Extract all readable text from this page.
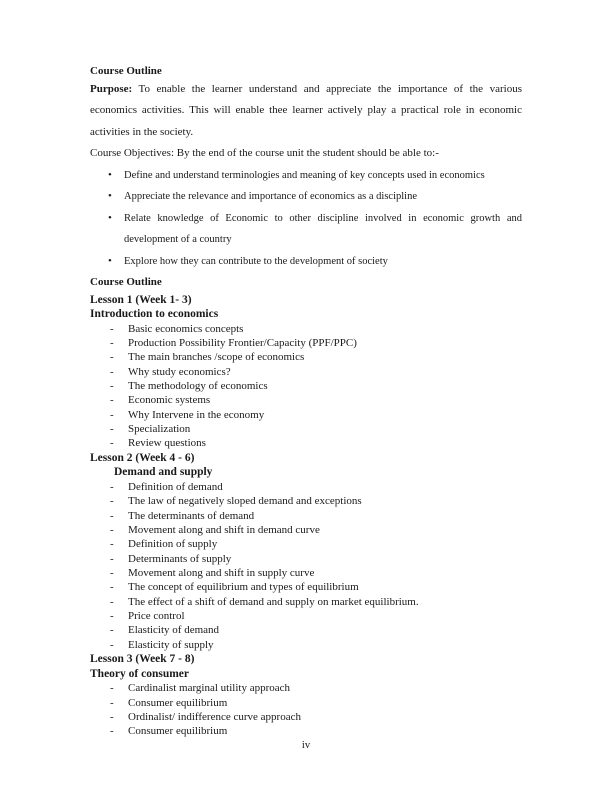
Course Outline

Purpose: To enable the learner understand and appreciate the importance of the various economics activities. This will enable thee learner actively play a practical role in economic activities in the society.

Course Objectives: By the end of the course unit the student should be able to:-

• Define and understand terminologies and meaning of key concepts used in economics
• Appreciate the relevance and importance of economics as a discipline
• Relate knowledge of Economic to other discipline involved in economic growth and development of a country
• Explore how they can contribute to the development of society
Course Outline
Lesson 1 (Week 1- 3)
Introduction to economics
- Basic economics concepts
- Production Possibility Frontier/Capacity (PPF/PPC)
- The main branches /scope of economics
- Why study economics?
- The methodology of economics
- Economic systems
- Why Intervene in the economy
- Specialization
- Review questions
Lesson 2 (Week 4 - 6)
Demand and supply
- Definition of demand
- The law of negatively sloped demand and exceptions
- The determinants of demand
- Movement along and shift in demand curve
- Definition of supply
- Determinants of supply
- Movement along and shift in supply curve
- The concept of equilibrium and types of equilibrium
- The effect of a shift of demand and supply on market equilibrium.
- Price control
- Elasticity of demand
- Elasticity of supply
Lesson 3 (Week 7 - 8)
Theory of consumer
- Cardinalist marginal utility approach
- Consumer equilibrium
- Ordinalist/ indifference curve approach
- Consumer equilibrium
iv
